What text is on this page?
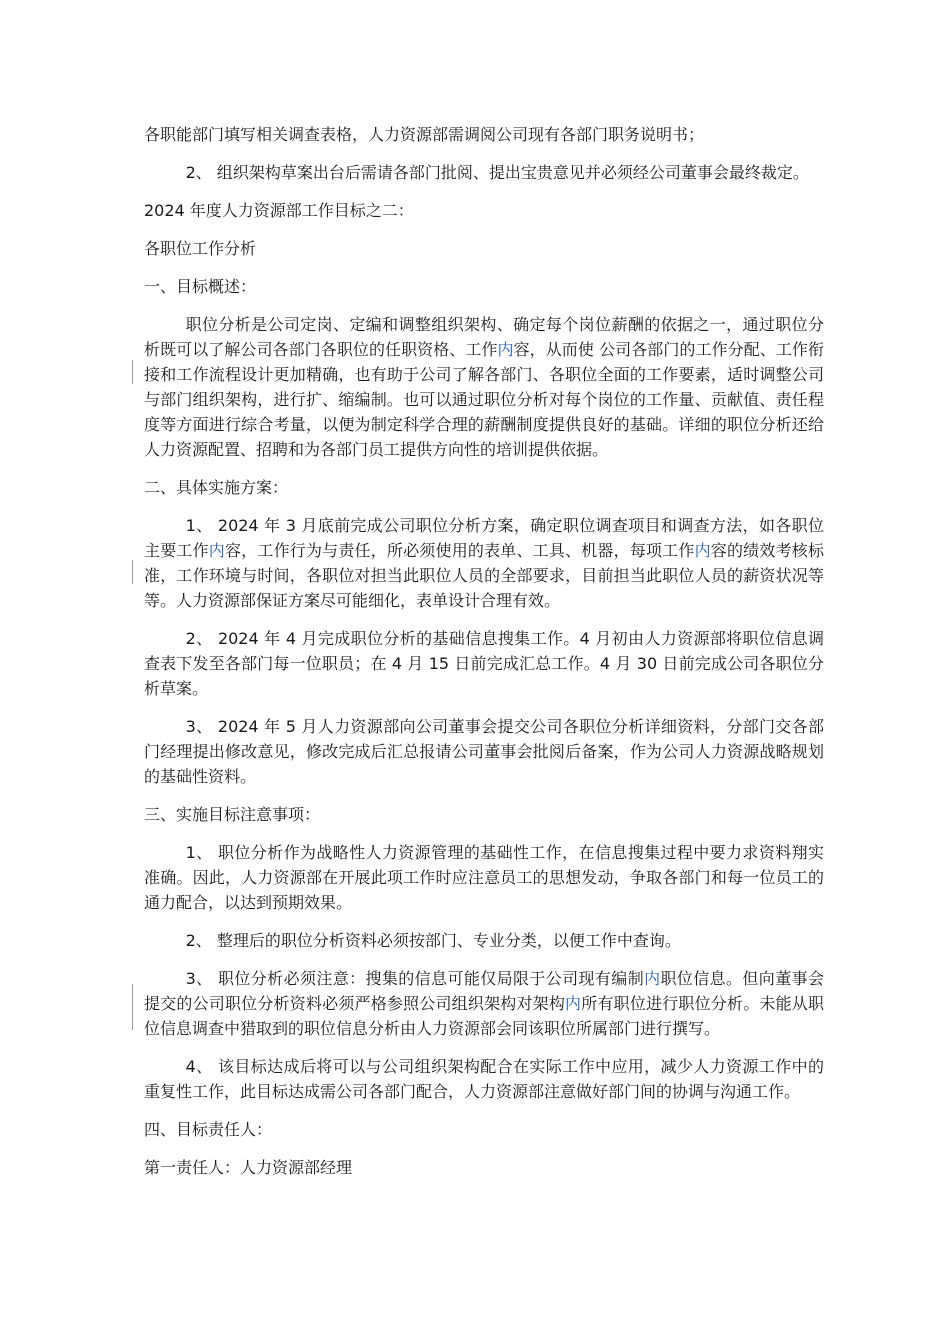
各职能部门填写相关调查表格，人力资源部需调阅公司现有各部门职务说明书；

2、 组织架构草案出台后需请各部门批阅、提出宝贵意见并必须经公司董事会最终裁定。

2024 年度人力资源部工作目标之二：

各职位工作分析

一、目标概述：

职位分析是公司定岗、定编和调整组织架构、确定每个岗位薪酬的依据之一，通过职位分析既可以了解公司各部门各职位的任职资格、工作内容，从而使 公司各部门的工作分配、工作衔接和工作流程设计更加精确，也有助于公司了解各部门、各职位全面的工作要素，适时调整公司与部门组织架构，进行扩、缩编制。也可以通过职位分析对每个岗位的工作量、贡献值、责任程度等方面进行综合考量，以便为制定科学合理的薪酬制度提供良好的基础。详细的职位分析还给人力资源配置、招聘和为各部门员工提供方向性的培训提供依据。

二、具体实施方案：

1、 2024 年 3 月底前完成公司职位分析方案，确定职位调查项目和调查方法，如各职位主要工作内容，工作行为与责任，所必须使用的表单、工具、机器，每项工作内容的绩效考核标准，工作环境与时间，各职位对担当此职位人员的全部要求，目前担当此职位人员的薪资状况等等。人力资源部保证方案尽可能细化，表单设计合理有效。

2、 2024 年 4 月完成职位分析的基础信息搜集工作。4 月初由人力资源部将职位信息调查表下发至各部门每一位职员；在 4 月 15 日前完成汇总工作。4 月 30 日前完成公司各职位分析草案。

3、 2024 年 5 月人力资源部向公司董事会提交公司各职位分析详细资料，分部门交各部门经理提出修改意见，修改完成后汇总报请公司董事会批阅后备案，作为公司人力资源战略规划的基础性资料。

三、实施目标注意事项：

1、 职位分析作为战略性人力资源管理的基础性工作，在信息搜集过程中要力求资料翔实准确。因此，人力资源部在开展此项工作时应注意员工的思想发动，争取各部门和每一位员工的通力配合，以达到预期效果。

2、 整理后的职位分析资料必须按部门、专业分类，以便工作中查询。

3、 职位分析必须注意：搜集的信息可能仅局限于公司现有编制内职位信息。但向董事会提交的公司职位分析资料必须严格参照公司组织架构对架构内所有职位进行职位分析。未能从职位信息调查中猎取到的职位信息分析由人力资源部会同该职位所属部门进行撰写。

4、 该目标达成后将可以与公司组织架构配合在实际工作中应用，减少人力资源工作中的重复性工作，此目标达成需公司各部门配合，人力资源部注意做好部门间的协调与沟通工作。

四、目标责任人：

第一责任人：人力资源部经理
